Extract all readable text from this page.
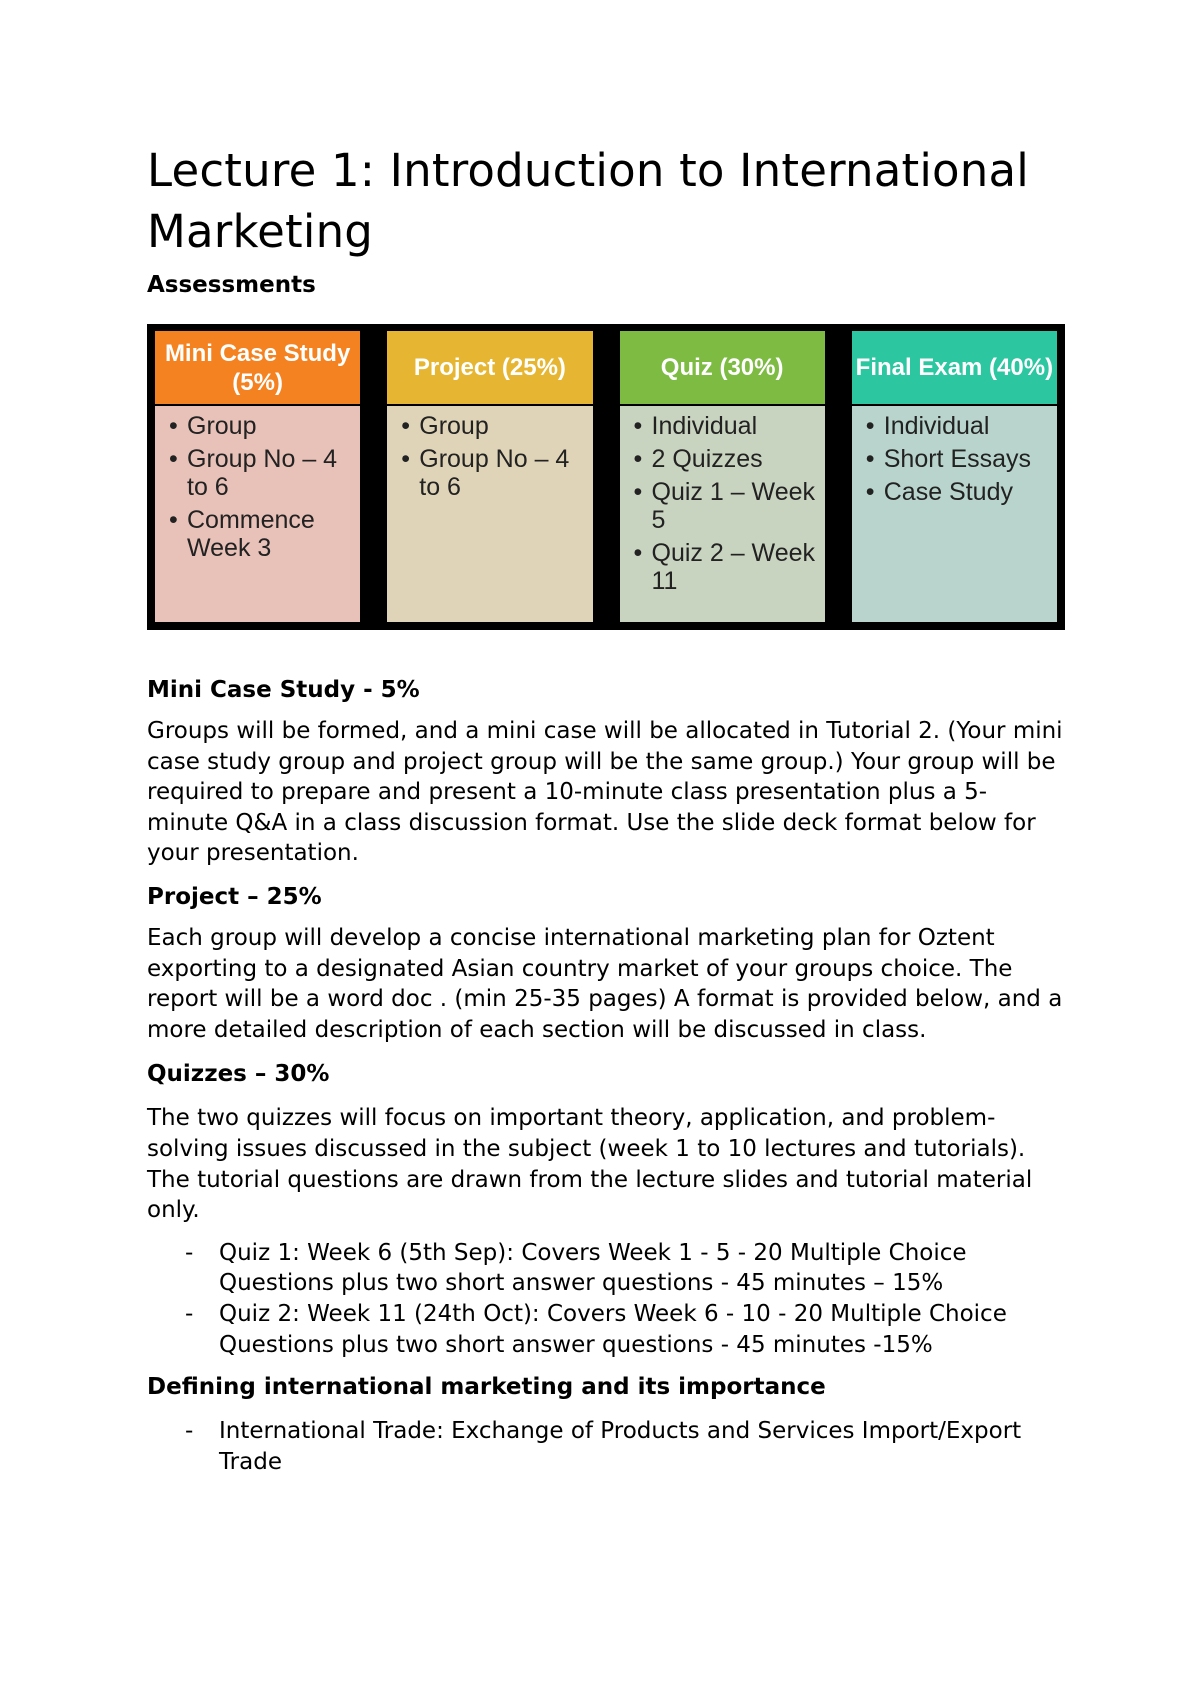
Lecture 1: Introduction to International Marketing
Assessments
Mini Case Study (5%)
• Group
• Group No – 4 to 6
• Commence Week 3
Project (25%)
• Group
• Group No – 4 to 6
Quiz (30%)
• Individual
• 2 Quizzes
• Quiz 1 – Week 5
• Quiz 2 – Week 11
Final Exam (40%)
• Individual
• Short Essays
• Case Study
Mini Case Study - 5%

Groups will be formed, and a mini case will be allocated in Tutorial 2. (Your mini case study group and project group will be the same group.) Your group will be required to prepare and present a 10-minute class presentation plus a 5-minute Q&A in a class discussion format. Use the slide deck format below for your presentation.

Project – 25%

Each group will develop a concise international marketing plan for Oztent exporting to a designated Asian country market of your groups choice. The report will be a word doc . (min 25-35 pages) A format is provided below, and a more detailed description of each section will be discussed in class.

Quizzes – 30%

The two quizzes will focus on important theory, application, and problem-solving issues discussed in the subject (week 1 to 10 lectures and tutorials). The tutorial questions are drawn from the lecture slides and tutorial material only.

- Quiz 1: Week 6 (5th Sep): Covers Week 1 - 5 - 20 Multiple Choice Questions plus two short answer questions - 45 minutes – 15%
- Quiz 2: Week 11 (24th Oct): Covers Week 6 - 10 - 20 Multiple Choice Questions plus two short answer questions - 45 minutes -15%
Defining international marketing and its importance
- International Trade: Exchange of Products and Services Import/Export Trade
